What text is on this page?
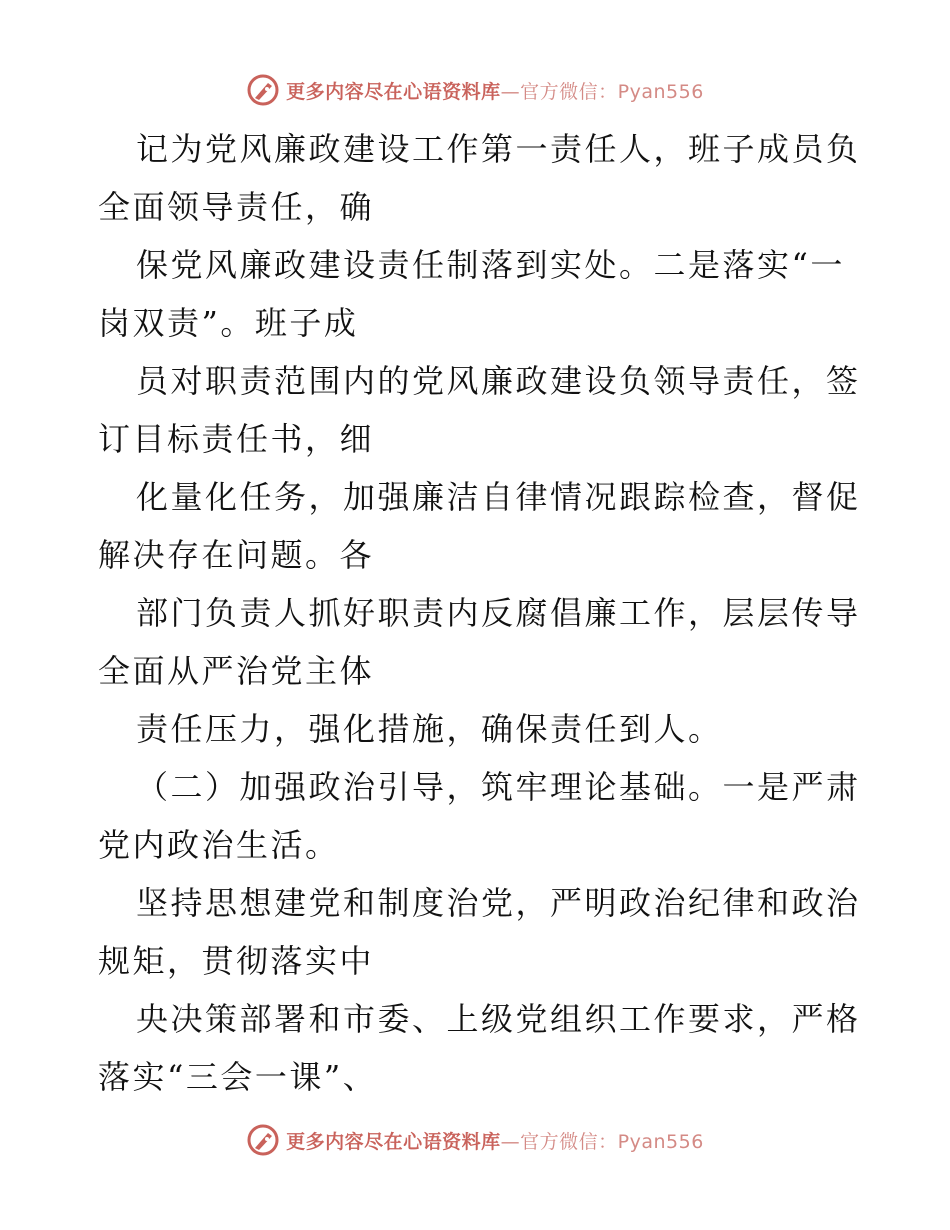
更多内容尽在心语资料库—官方微信：Pyan556
记为党风廉政建设工作第一责任人，班子成员负
全面领导责任，确
保党风廉政建设责任制落到实处。二是落实“一
岗双责”。班子成
员对职责范围内的党风廉政建设负领导责任，签
订目标责任书，细
化量化任务，加强廉洁自律情况跟踪检查，督促
解决存在问题。各
部门负责人抓好职责内反腐倡廉工作，层层传导
全面从严治党主体
责任压力，强化措施，确保责任到人。
（二）加强政治引导，筑牢理论基础。一是严肃
党内政治生活。
坚持思想建党和制度治党，严明政治纪律和政治
规矩，贯彻落实中
央决策部署和市委、上级党组织工作要求，严格
落实“三会一课”、
更多内容尽在心语资料库—官方微信：Pyan556
